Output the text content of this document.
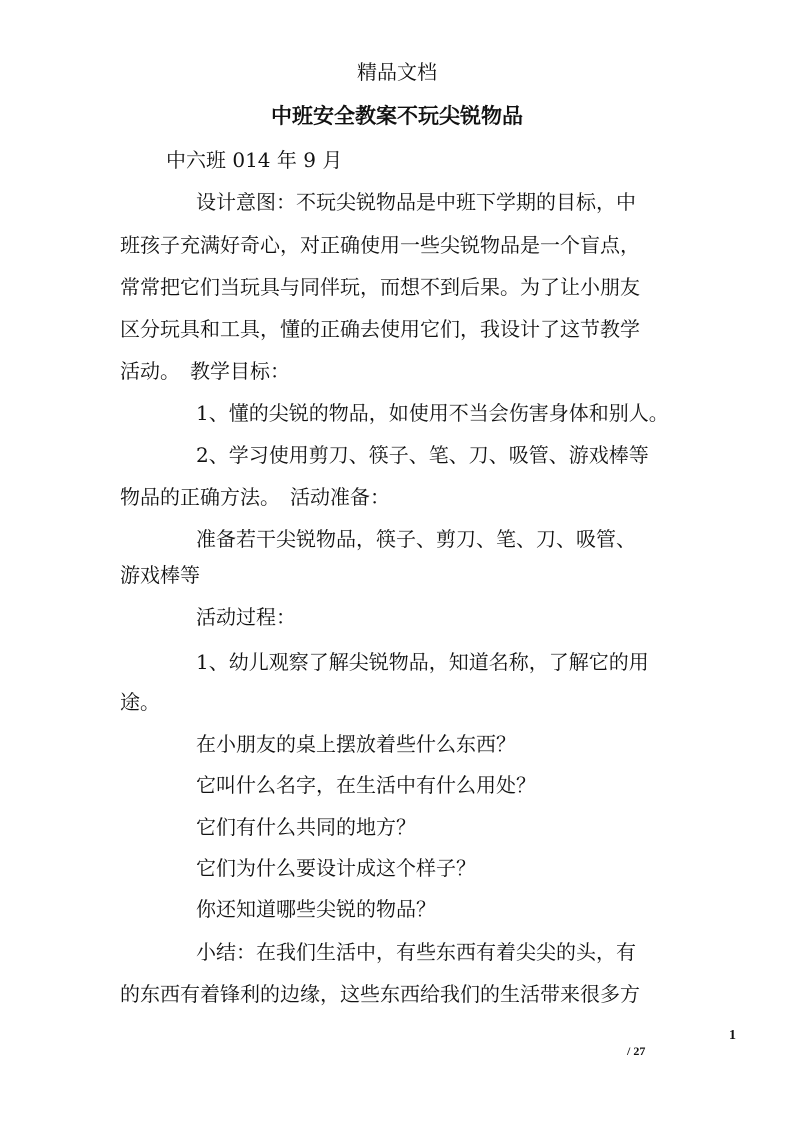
精品文档
中班安全教案不玩尖锐物品
中六班 014 年 9 月
设计意图：不玩尖锐物品是中班下学期的目标，中
班孩子充满好奇心，对正确使用一些尖锐物品是一个盲点，
常常把它们当玩具与同伴玩，而想不到后果。为了让小朋友
区分玩具和工具，懂的正确去使用它们，我设计了这节教学
活动。　教学目标：
1、懂的尖锐的物品，如使用不当会伤害身体和别人。
2、学习使用剪刀、筷子、笔、刀、吸管、游戏棒等
物品的正确方法。　活动准备：
准备若干尖锐物品，筷子、剪刀、笔、刀、吸管、
游戏棒等
活动过程：
1、幼儿观察了解尖锐物品，知道名称，了解它的用
途。
在小朋友的桌上摆放着些什么东西？
它叫什么名字，在生活中有什么用处？
它们有什么共同的地方？
它们为什么要设计成这个样子？
你还知道哪些尖锐的物品？
小结：在我们生活中，有些东西有着尖尖的头，有
的东西有着锋利的边缘，这些东西给我们的生活带来很多方
1
/ 27
